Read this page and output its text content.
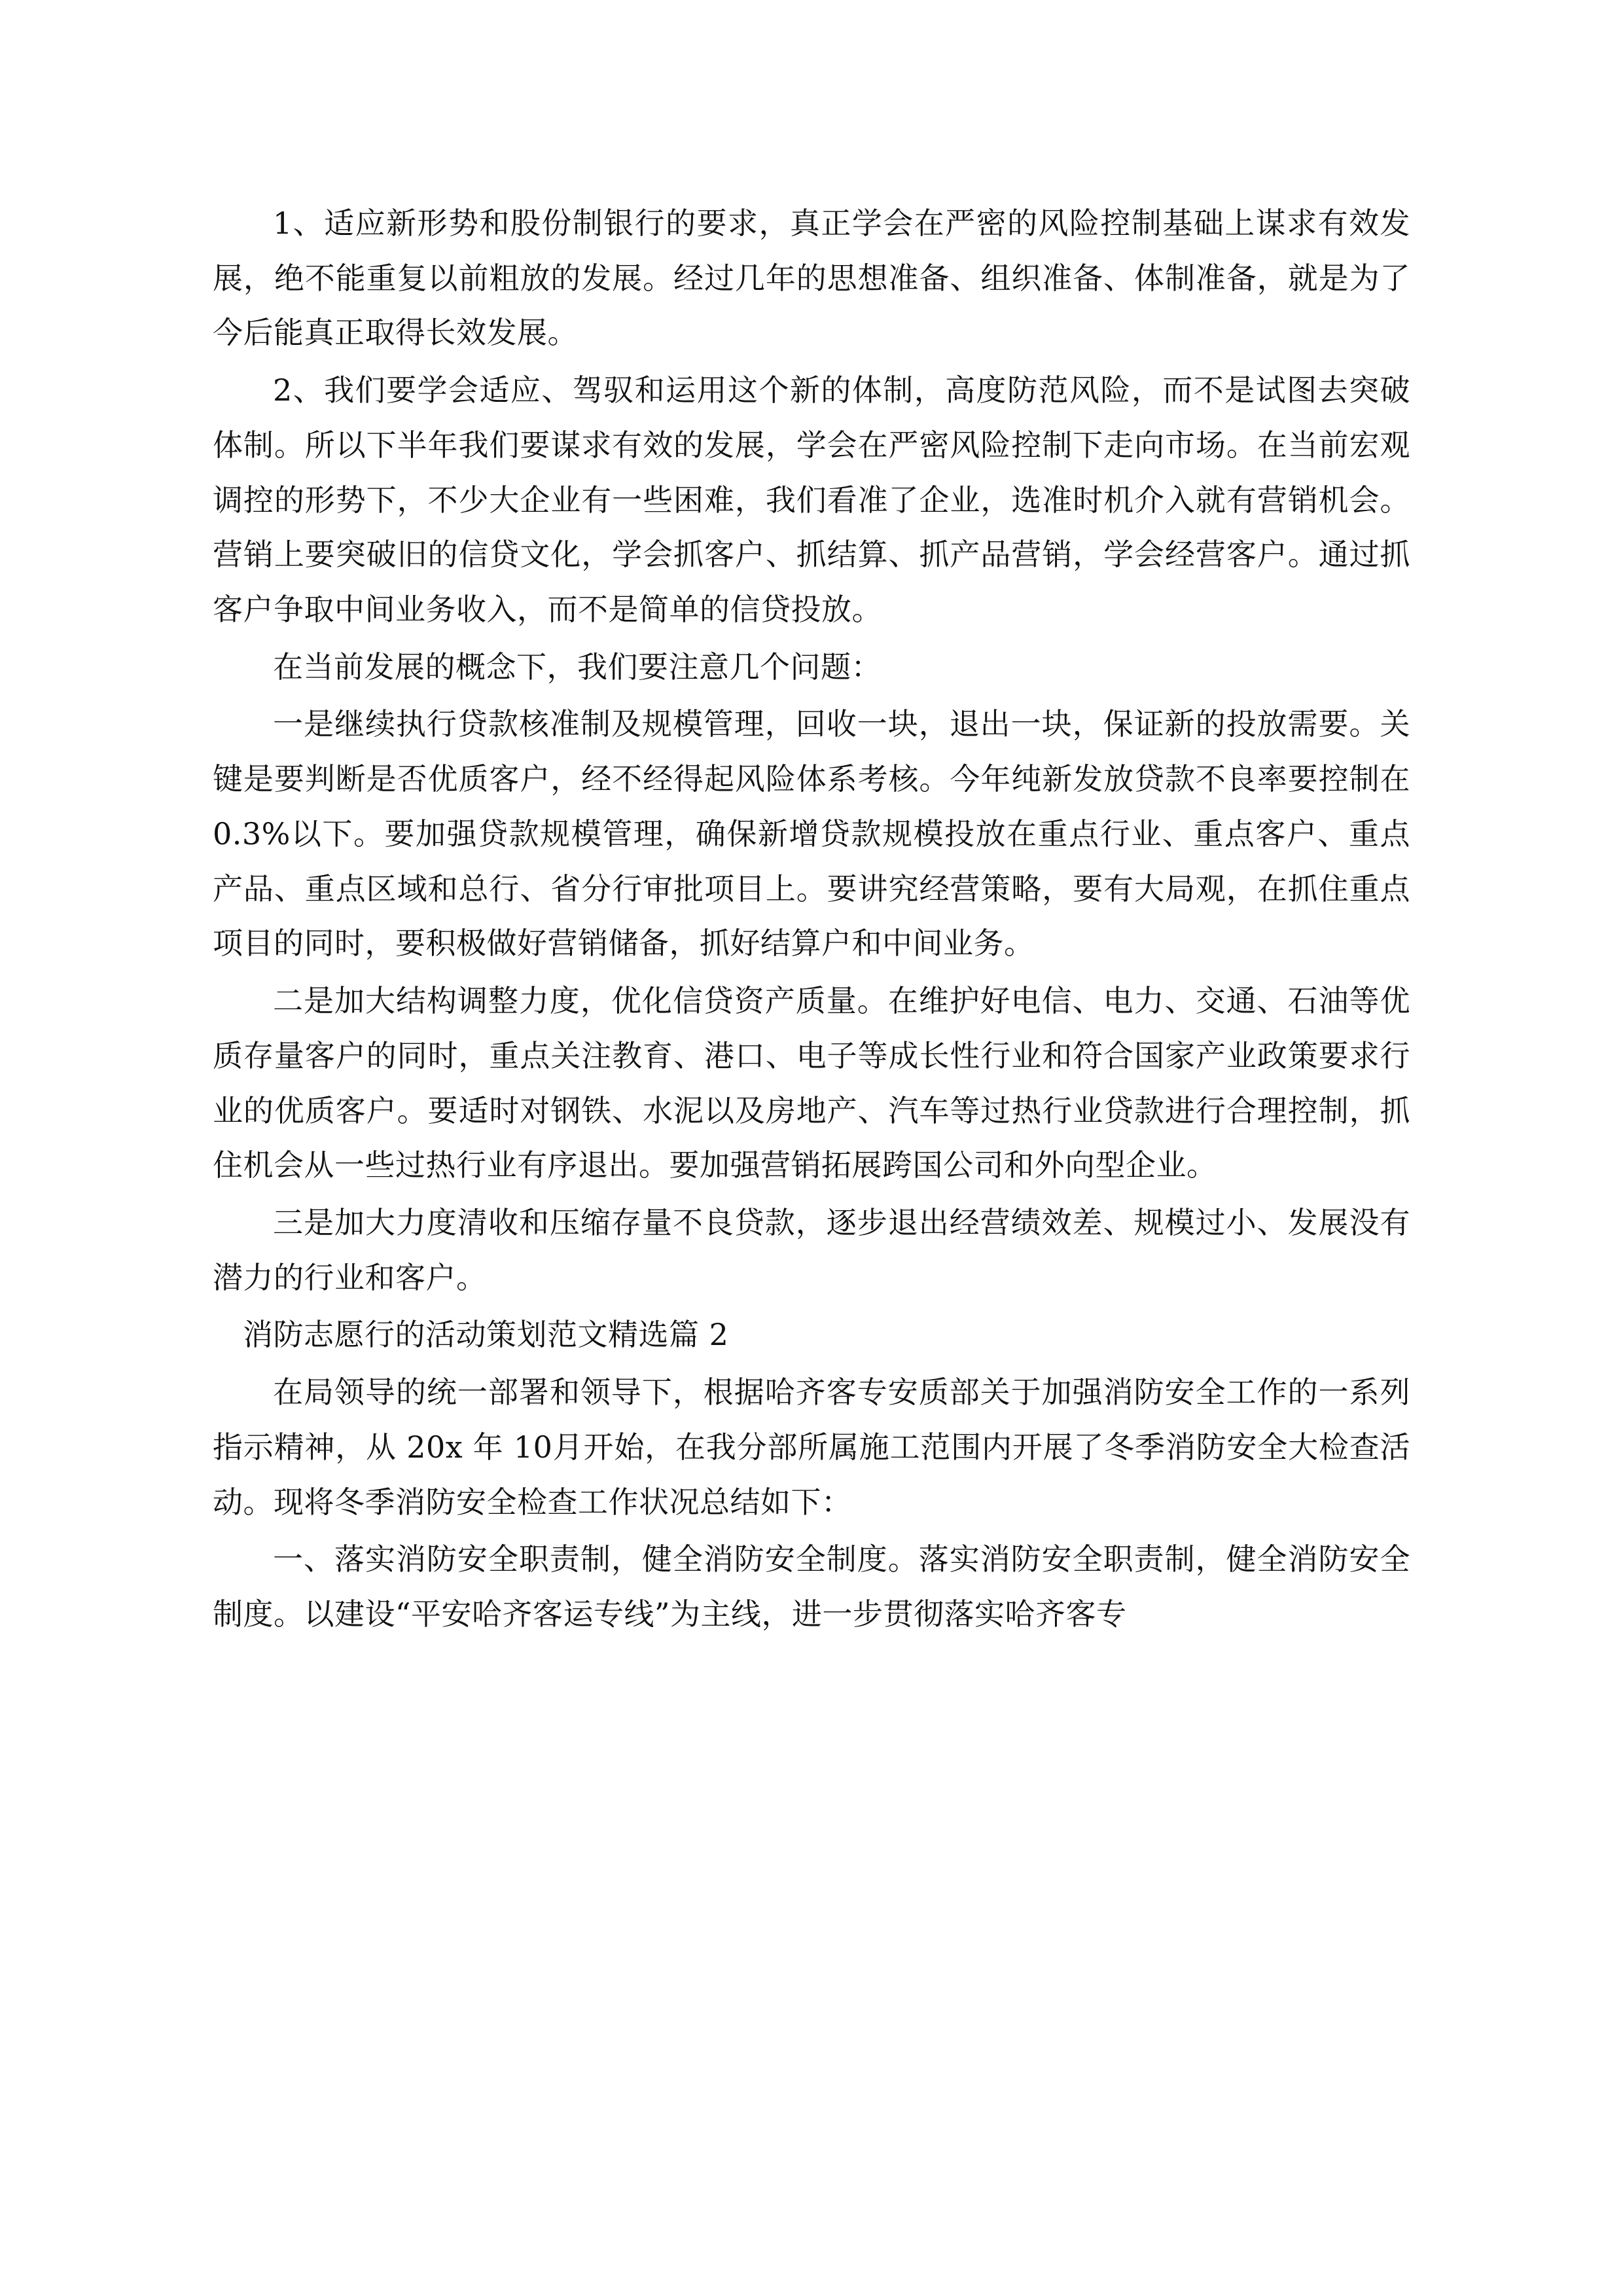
1、适应新形势和股份制银行的要求，真正学会在严密的风险控制基础上谋求有效发展，绝不能重复以前粗放的发展。经过几年的思想准备、组织准备、体制准备，就是为了今后能真正取得长效发展。

2、我们要学会适应、驾驭和运用这个新的体制，高度防范风险，而不是试图去突破体制。所以下半年我们要谋求有效的发展，学会在严密风险控制下走向市场。在当前宏观调控的形势下，不少大企业有一些困难，我们看准了企业，选准时机介入就有营销机会。营销上要突破旧的信贷文化，学会抓客户、抓结算、抓产品营销，学会经营客户。通过抓客户争取中间业务收入，而不是简单的信贷投放。

在当前发展的概念下，我们要注意几个问题：

一是继续执行贷款核准制及规模管理，回收一块，退出一块，保证新的投放需要。关键是要判断是否优质客户，经不经得起风险体系考核。今年纯新发放贷款不良率要控制在 0.3%以下。要加强贷款规模管理，确保新增贷款规模投放在重点行业、重点客户、重点产品、重点区域和总行、省分行审批项目上。要讲究经营策略，要有大局观，在抓住重点项目的同时，要积极做好营销储备，抓好结算户和中间业务。

二是加大结构调整力度，优化信贷资产质量。在维护好电信、电力、交通、石油等优质存量客户的同时，重点关注教育、港口、电子等成长性行业和符合国家产业政策要求行业的优质客户。要适时对钢铁、水泥以及房地产、汽车等过热行业贷款进行合理控制，抓住机会从一些过热行业有序退出。要加强营销拓展跨国公司和外向型企业。

三是加大力度清收和压缩存量不良贷款，逐步退出经营绩效差、规模过小、发展没有潜力的行业和客户。

消防志愿行的活动策划范文精选篇 2

在局领导的统一部署和领导下，根据哈齐客专安质部关于加强消防安全工作的一系列指示精神，从 20x 年 10月开始，在我分部所属施工范围内开展了冬季消防安全大检查活动。现将冬季消防安全检查工作状况总结如下：

一、落实消防安全职责制，健全消防安全制度。落实消防安全职责制，健全消防安全制度。以建设“平安哈齐客运专线”为主线，进一步贯彻落实哈齐客专
